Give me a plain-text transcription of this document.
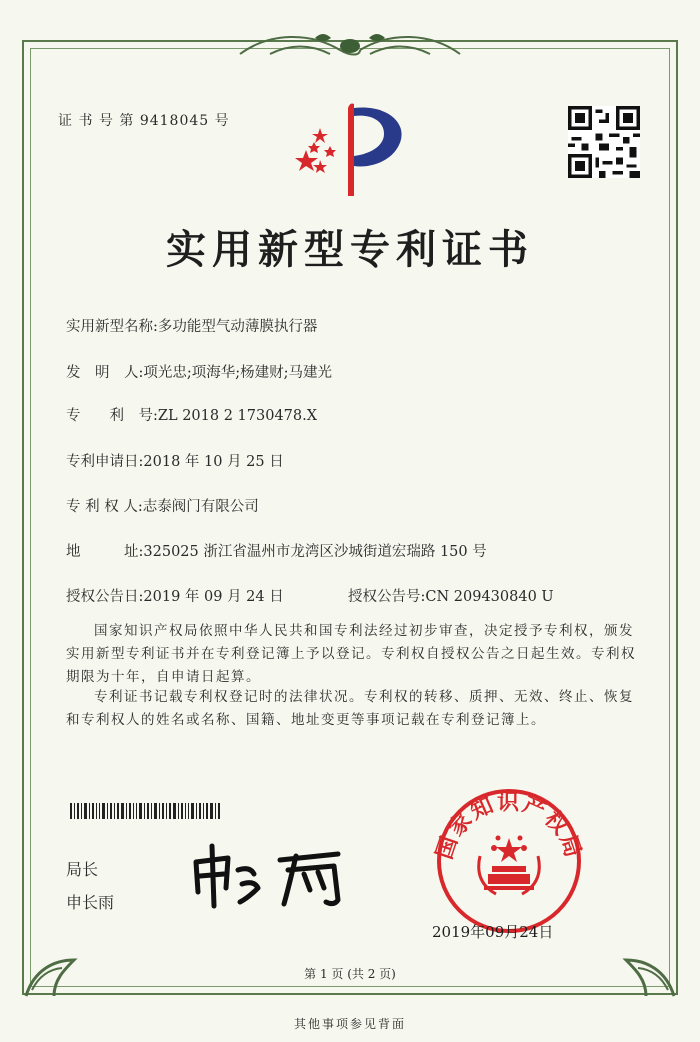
证 书 号 第 9418045 号
实用新型专利证书
实用新型名称:多功能型气动薄膜执行器
发　明　人:项光忠;项海华;杨建财;马建光
专　　利　号:ZL 2018 2 1730478.X
专利申请日:2018 年 10 月 25 日
专 利 权 人:志泰阀门有限公司
地　　　址:325025 浙江省温州市龙湾区沙城街道宏瑞路 150 号
授权公告日:2019 年 09 月 24 日	授权公告号:CN 209430840 U
国家知识产权局依照中华人民共和国专利法经过初步审查，决定授予专利权，颁发实用新型专利证书并在专利登记簿上予以登记。专利权自授权公告之日起生效。专利权期限为十年，自申请日起算。
专利证书记载专利权登记时的法律状况。专利权的转移、质押、无效、终止、恢复和专利权人的姓名或名称、国籍、地址变更等事项记载在专利登记簿上。
局长
申长雨
国家知识产权局
2019年09月24日
第 1 页 (共 2 页)
其他事项参见背面
